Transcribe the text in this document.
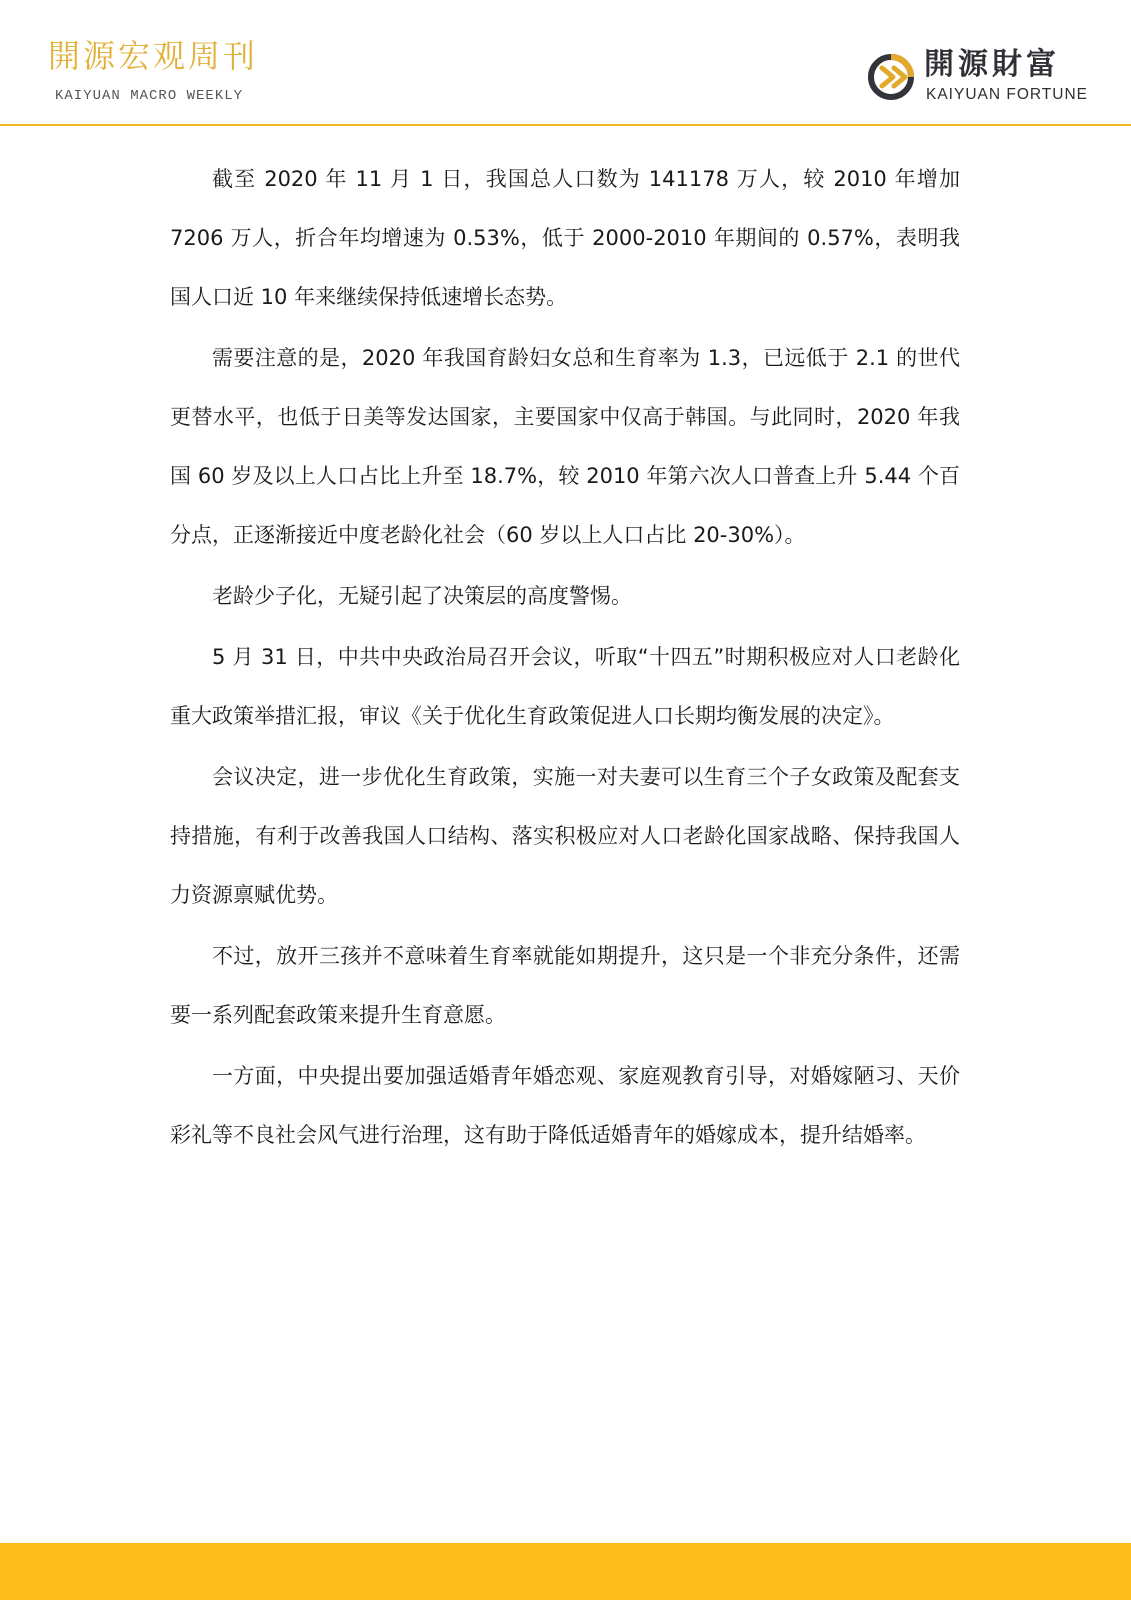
開源宏观周刊
KAIYUAN MACRO WEEKLY
開源財富
KAIYUAN FORTUNE

截至 2020 年 11 月 1 日，我国总人口数为 141178 万人，较 2010 年增加 7206 万人，折合年均增速为 0.53%，低于 2000-2010 年期间的 0.57%，表明我国人口近 10 年来继续保持低速增长态势。

需要注意的是，2020 年我国育龄妇女总和生育率为 1.3，已远低于 2.1 的世代更替水平，也低于日美等发达国家，主要国家中仅高于韩国。与此同时，2020 年我国 60 岁及以上人口占比上升至 18.7%，较 2010 年第六次人口普查上升 5.44 个百分点，正逐渐接近中度老龄化社会（60 岁以上人口占比 20-30%）。

老龄少子化，无疑引起了决策层的高度警惕。

5 月 31 日，中共中央政治局召开会议，听取“十四五”时期积极应对人口老龄化重大政策举措汇报，审议《关于优化生育政策促进人口长期均衡发展的决定》。

会议决定，进一步优化生育政策，实施一对夫妻可以生育三个子女政策及配套支持措施，有利于改善我国人口结构、落实积极应对人口老龄化国家战略、保持我国人力资源禀赋优势。

不过，放开三孩并不意味着生育率就能如期提升，这只是一个非充分条件，还需要一系列配套政策来提升生育意愿。

一方面，中央提出要加强适婚青年婚恋观、家庭观教育引导，对婚嫁陋习、天价彩礼等不良社会风气进行治理，这有助于降低适婚青年的婚嫁成本，提升结婚率。
